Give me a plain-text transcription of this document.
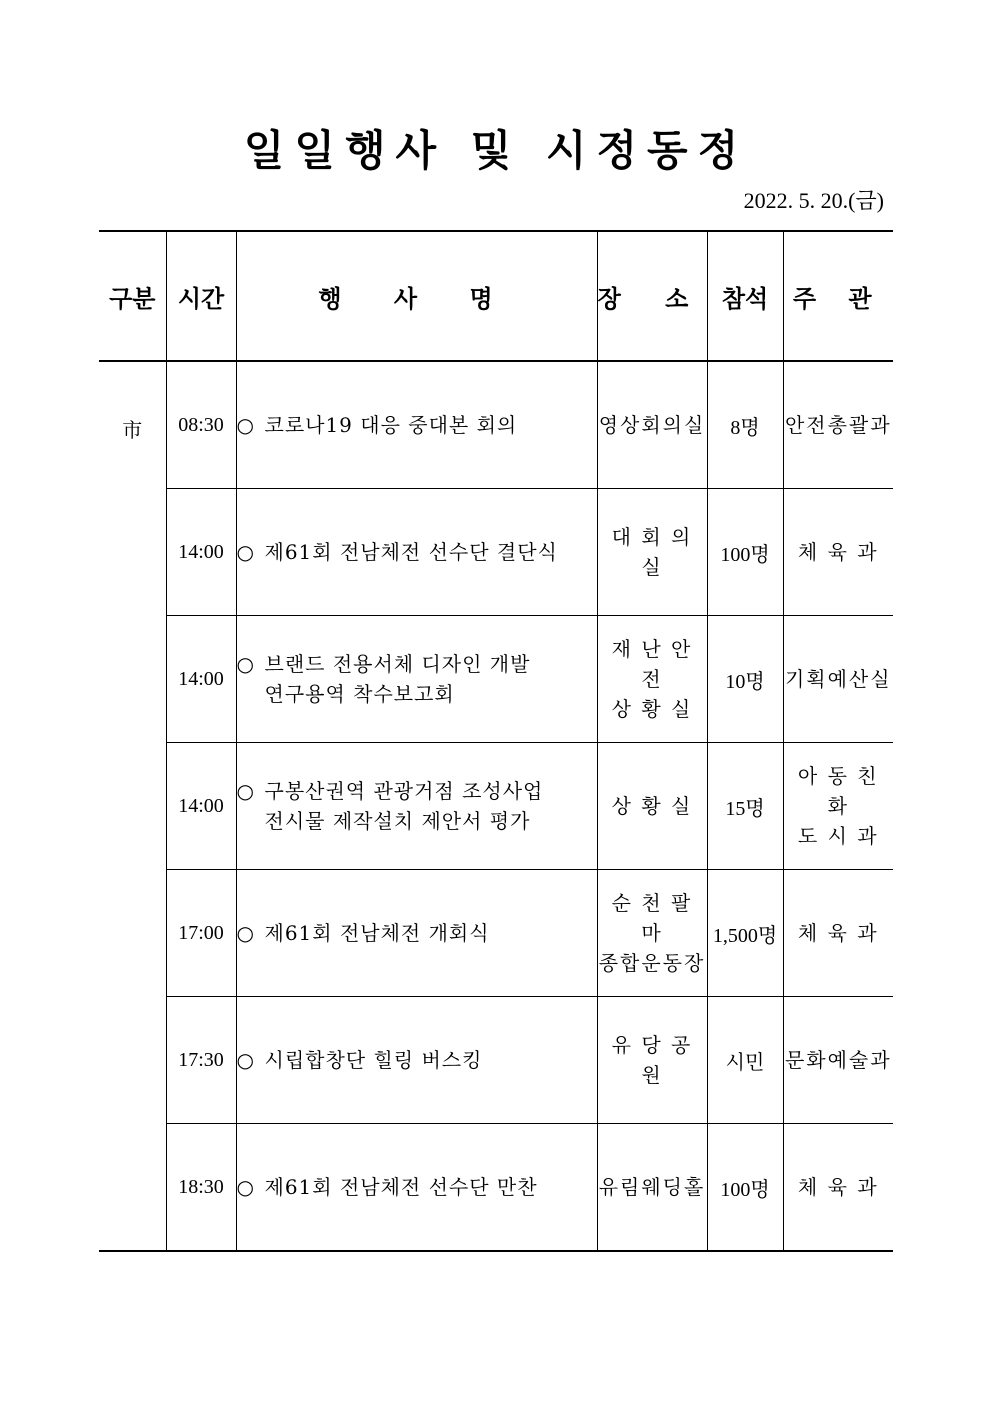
일일행사 및 시정동정
2022. 5. 20.(금)
구분	시간	행 사 명	장 소	참석	주 관
市	08:30	○ 코로나19 대응 중대본 회의	영상회의실	8명	안전총괄과

	14:00	○ 제61회 전남체전 선수단 결단식	대 회 의 실	100명	체 육 과

	14:00	○ 브랜드 전용서체 디자인 개발
연구용역 착수보고회	재 난 안 전
상 황 실	10명	기획예산실

	14:00	○ 구봉산권역 관광거점 조성사업
전시물 제작설치 제안서 평가	상 황 실	15명	아 동 친 화
도 시 과

	17:00	○ 제61회 전남체전 개회식	순 천 팔 마
종합운동장	1,500명	체 육 과

	17:30	○ 시립합창단 힐링 버스킹	유 당 공 원	시민	문화예술과

	18:30	○ 제61회 전남체전 선수단 만찬	유림웨딩홀	100명	체 육 과
